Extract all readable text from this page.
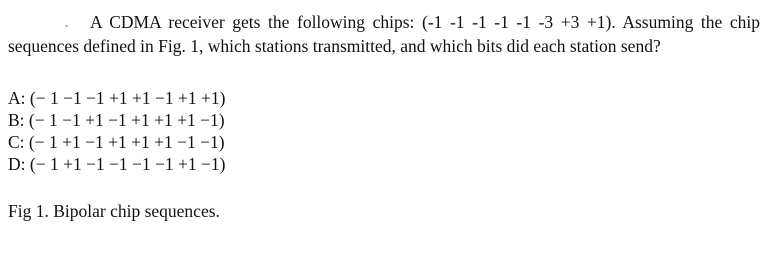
A CDMA receiver gets the following chips: (-1 -1 -1 -1 -1 -3 +3 +1). Assuming the chip sequences defined in Fig. 1, which stations transmitted, and which bits did each station send?

A: (− 1 −1 −1 +1 +1 −1 +1 +1)
B: (− 1 −1 +1 −1 +1 +1 +1 −1)
C: (− 1 +1 −1 +1 +1 +1 −1 −1)
D: (− 1 +1 −1 −1 −1 −1 +1 −1)
Fig 1. Bipolar chip sequences.
